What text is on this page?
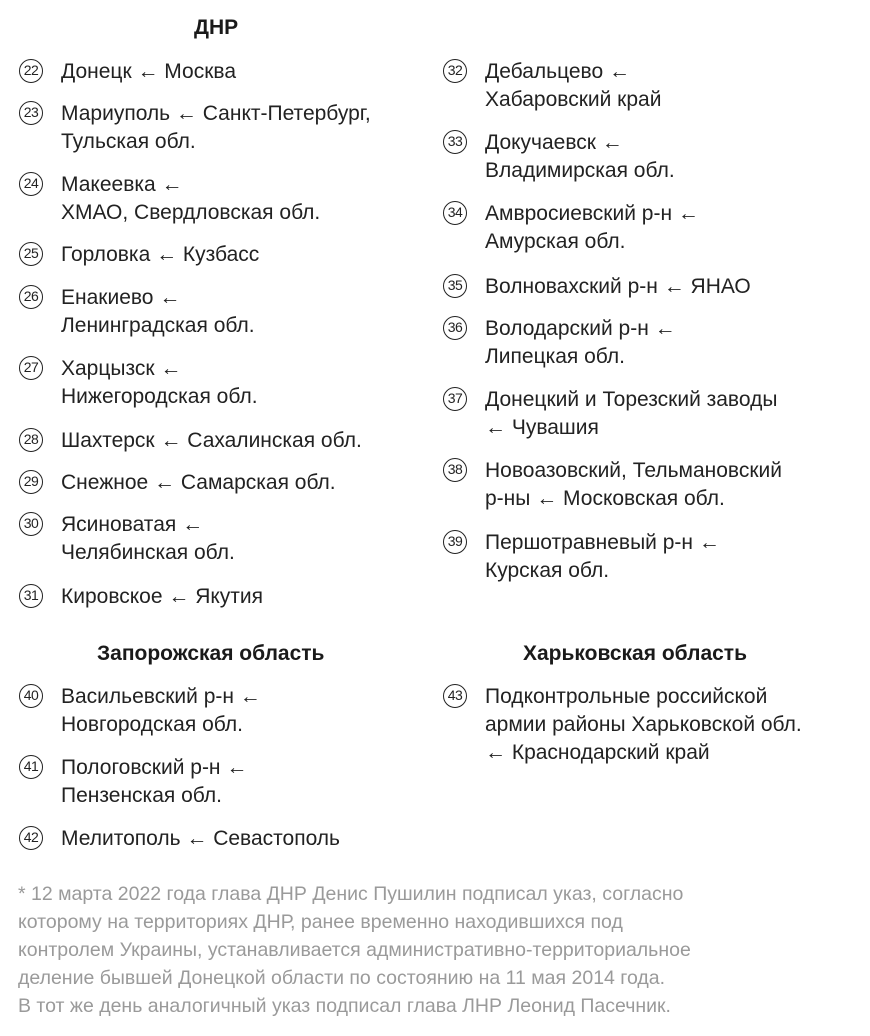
ДНР
Запорожская область	Харьковская область
22 Донецк ← Москва
23 Мариуполь ← Санкт-Петербург,
Тульская обл.
24 Макеевка ←
ХМАО, Свердловская обл.
25 Горловка ← Кузбасс
26 Енакиево ←
Ленинградская обл.
27 Харцызск ←
Нижегородская обл.
28 Шахтерск ← Сахалинская обл.
29 Снежное ← Самарская обл.
30 Ясиноватая ←
Челябинская обл.
31 Кировское ← Якутия
32 Дебальцево ←
Хабаровский край
33 Докучаевск ←
Владимирская обл.
34 Амвросиевский р-н ←
Амурская обл.
35 Волновахский р-н ← ЯНАО
36 Володарский р-н ←
Липецкая обл.
37 Донецкий и Торезский заводы
← Чувашия
38 Новоазовский, Тельмановский
р-ны ← Московская обл.
39 Першотравневый р-н ←
Курская обл.
40 Васильевский р-н ←
Новгородская обл.
41 Пологовский р-н ←
Пензенская обл.
42 Мелитополь ← Севастополь
43 Подконтрольные российской
армии районы Харьковской обл.
← Краснодарский край
* 12 марта 2022 года глава ДНР Денис Пушилин подписал указ, согласно
которому на территориях ДНР, ранее временно находившихся под
контролем Украины, устанавливается административно-территориальное
деление бывшей Донецкой области по состоянию на 11 мая 2014 года.
В тот же день аналогичный указ подписал глава ЛНР Леонид Пасечник.
